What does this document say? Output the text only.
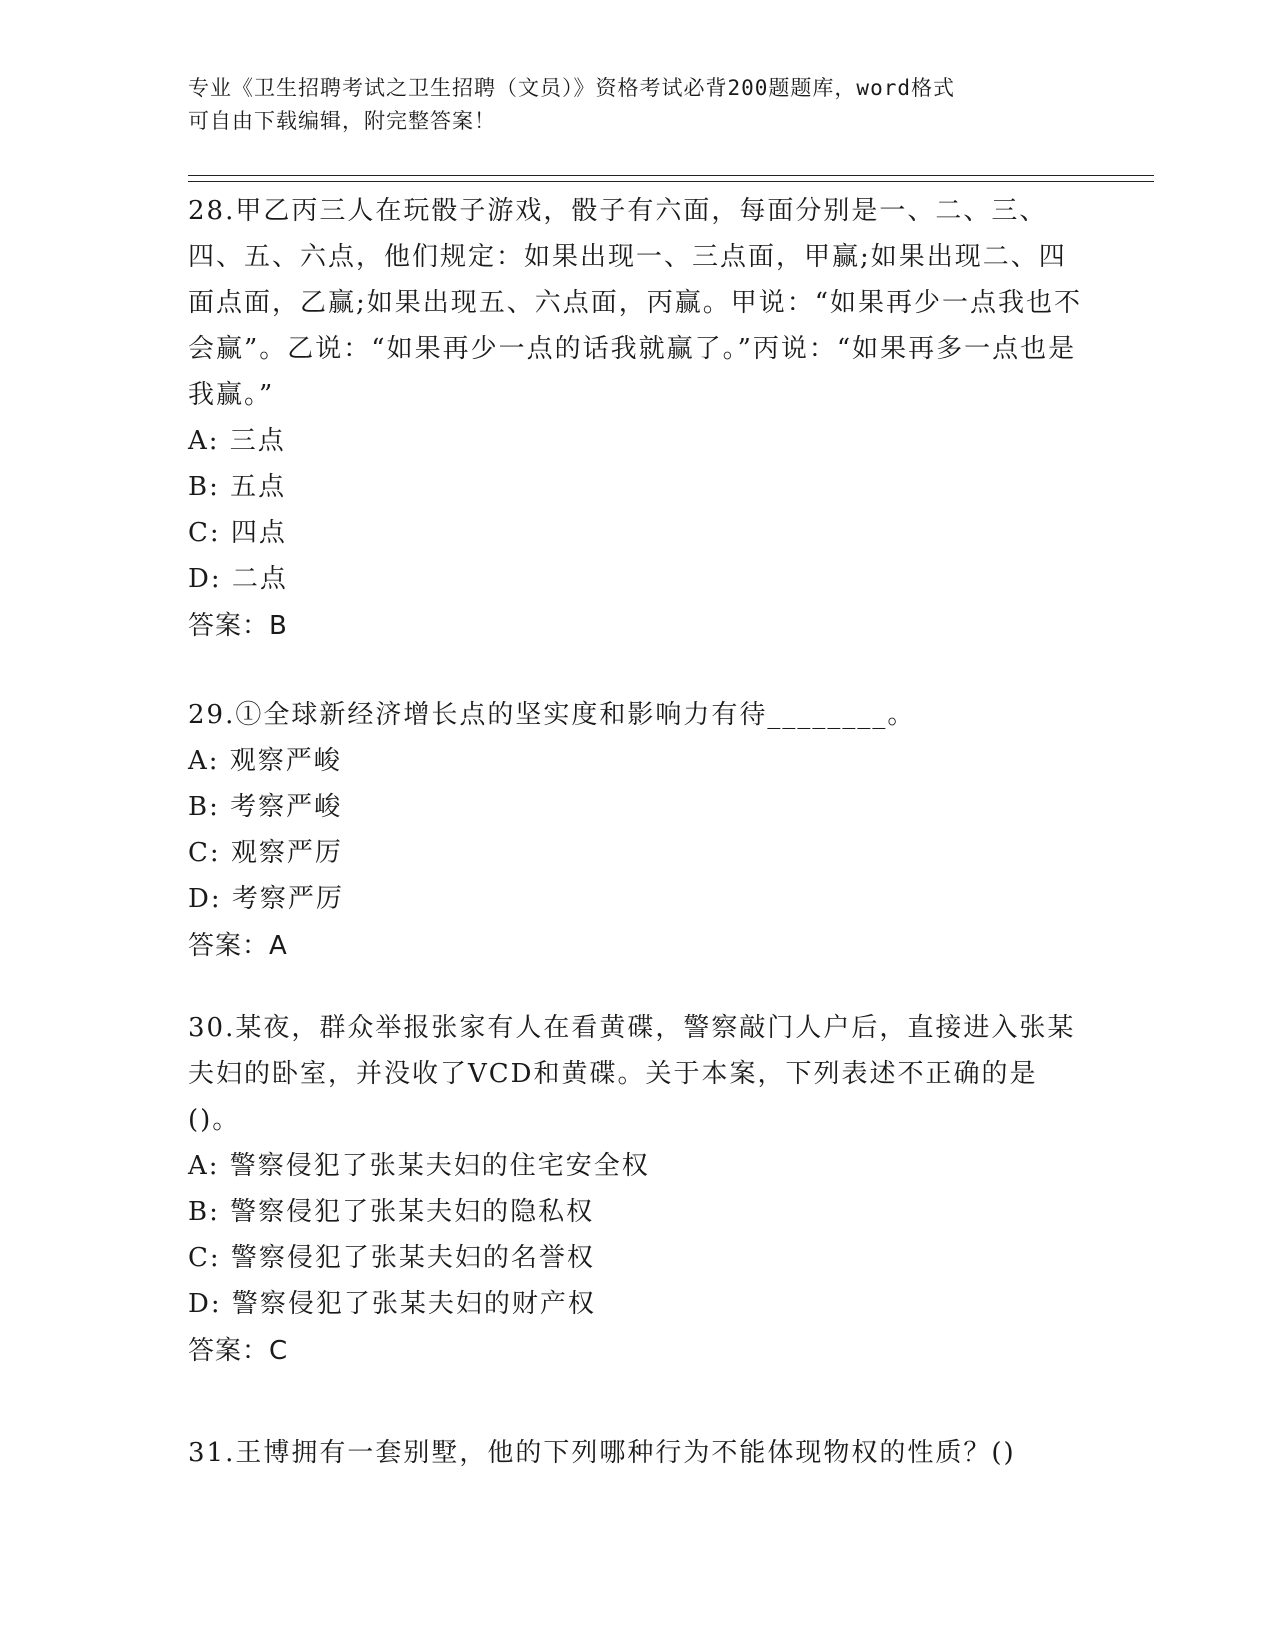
专业《卫生招聘考试之卫生招聘（文员）》资格考试必背200题题库，word格式
可自由下载编辑，附完整答案！

28.甲乙丙三人在玩骰子游戏，骰子有六面，每面分别是一、二、三、四、五、六点，他们规定：如果出现一、三点面，甲赢;如果出现二、四面点面，乙赢;如果出现五、六点面，丙赢。甲说：“如果再少一点我也不会赢”。乙说：“如果再少一点的话我就赢了。”丙说：“如果再多一点也是我赢。”

A: 三点

B: 五点

C: 四点

D: 二点

答案：B

29.①全球新经济增长点的坚实度和影响力有待________。

A: 观察严峻

B: 考察严峻

C: 观察严厉

D: 考察严厉

答案：A

30.某夜，群众举报张家有人在看黄碟，警察敲门人户后，直接进入张某夫妇的卧室，并没收了VCD和黄碟。关于本案，下列表述不正确的是()。

A: 警察侵犯了张某夫妇的住宅安全权

B: 警察侵犯了张某夫妇的隐私权

C: 警察侵犯了张某夫妇的名誉权

D: 警察侵犯了张某夫妇的财产权

答案：C

31.王博拥有一套别墅，他的下列哪种行为不能体现物权的性质？()
